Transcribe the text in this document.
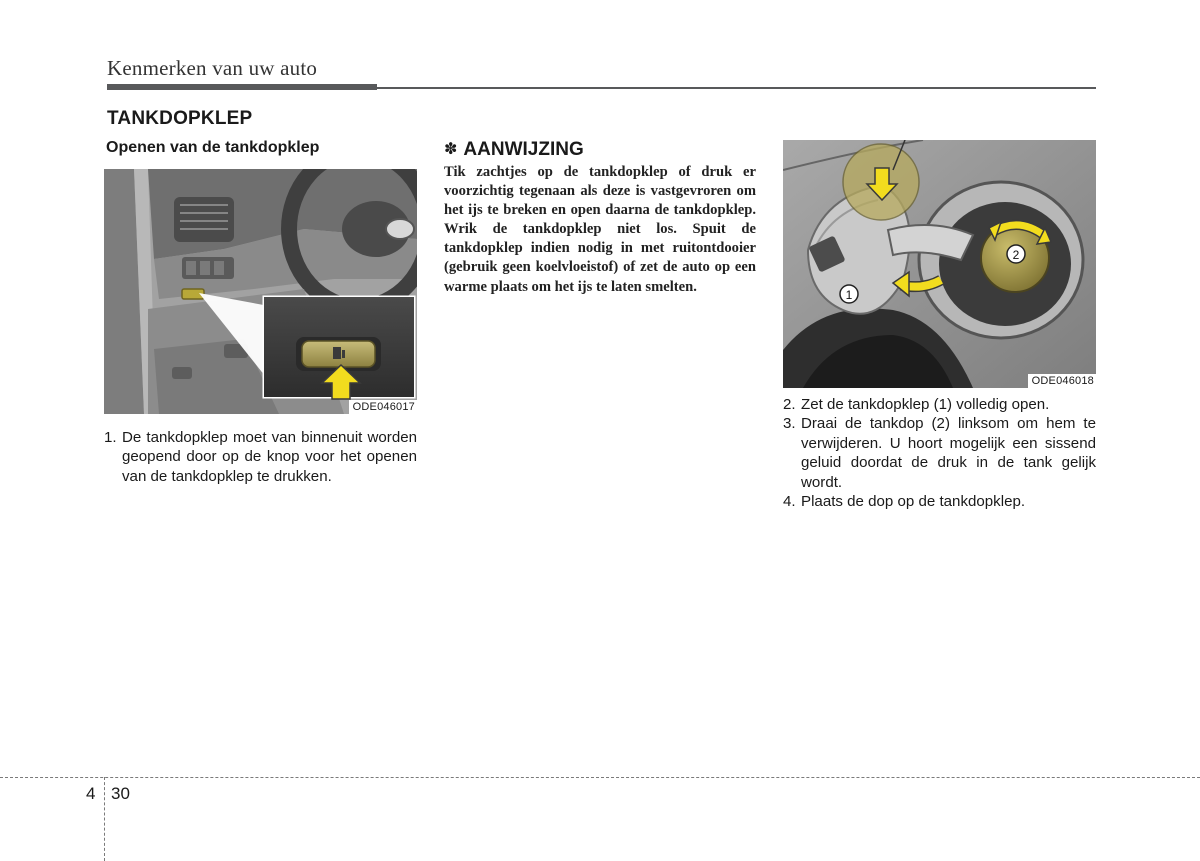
Kenmerken van uw auto
TANKDOPKLEP
Openen van de tankdopklep
ODE046017
1. De tankdopklep moet van binnenuit worden geopend door op de knop voor het openen van de tankdopklep te drukken.
✽ AANWIJZING
Tik zachtjes op de tankdopklep of druk er voorzichtig tegenaan als deze is vastgevroren om het ijs te breken en open daarna de tankdopklep. Wrik de tankdopklep niet los. Spuit de tankdopklep indien nodig in met ruitontdooier (gebruik geen koelvloeistof) of zet de auto op een warme plaats om het ijs te laten smelten.
1
2
ODE046018
2. Zet de tankdopklep (1) volledig open.
3. Draai de tankdop (2) linksom om hem te verwijderen. U hoort mogelijk een sissend geluid doordat de druk in de tank gelijk wordt.
4. Plaats de dop op de tankdopklep.
4 30
